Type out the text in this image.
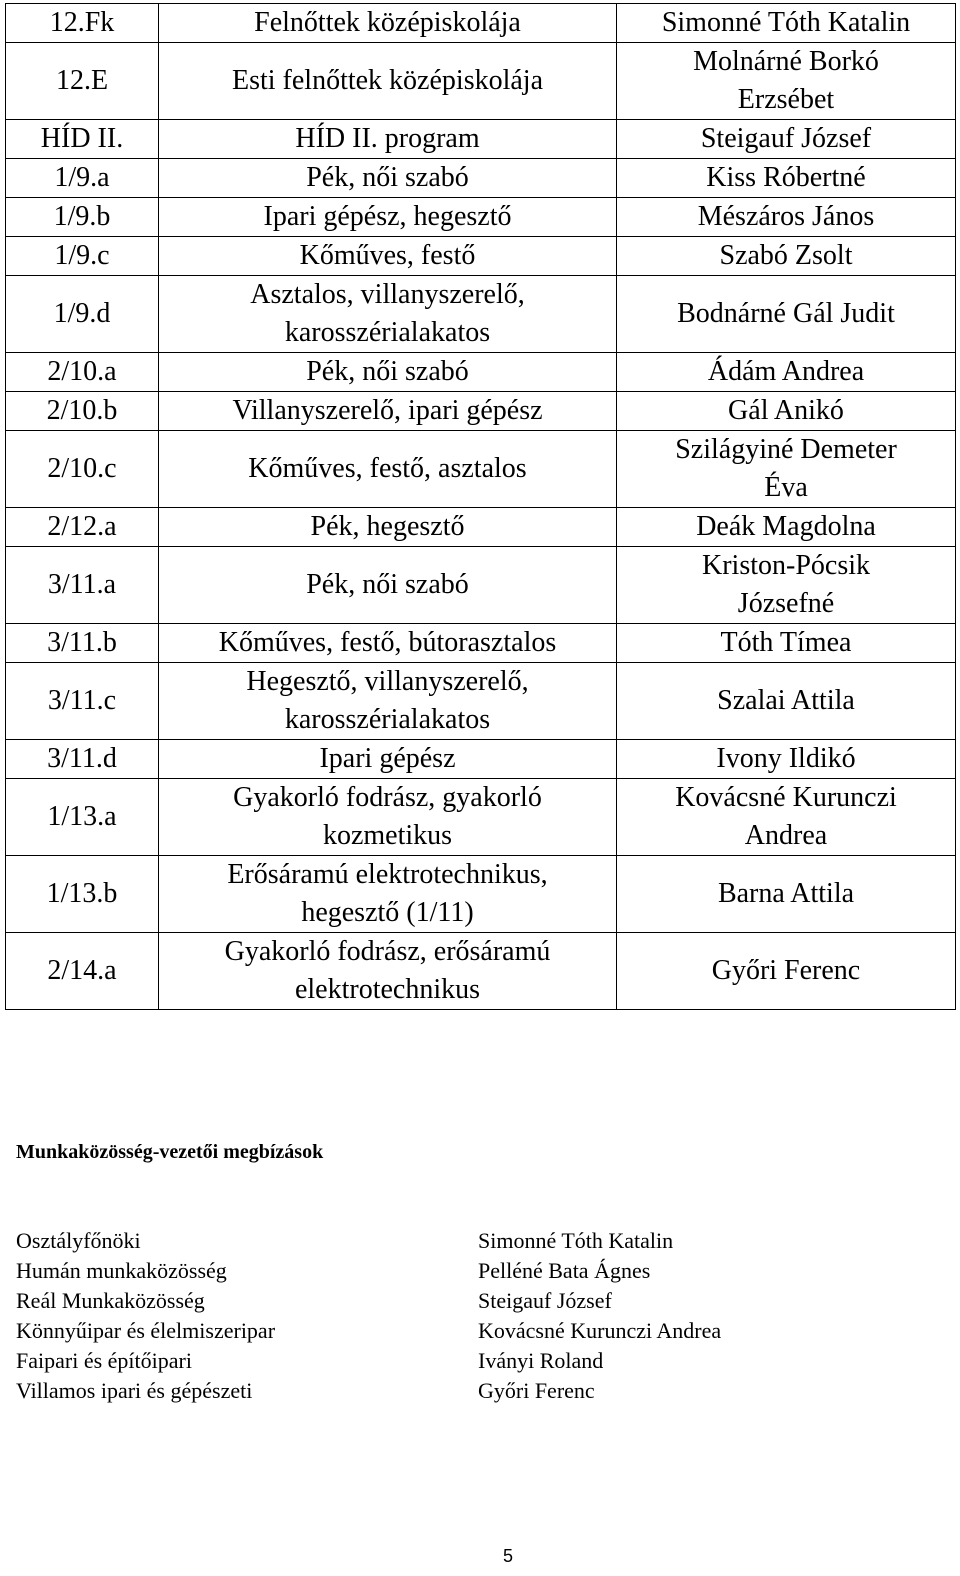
12.Fk	Felnőttek középiskolája	Simonné Tóth Katalin

12.E	Esti felnőttek középiskolája	Molnárné Borkó
Erzsébet

HÍD II.	HÍD II. program	Steigauf József

1/9.a	Pék, női szabó	Kiss Róbertné

1/9.b	Ipari gépész, hegesztő	Mészáros János

1/9.c	Kőműves, festő	Szabó Zsolt

1/9.d	Asztalos, villanyszerelő,
karosszérialakatos	Bodnárné Gál Judit

2/10.a	Pék, női szabó	Ádám Andrea

2/10.b	Villanyszerelő, ipari gépész	Gál Anikó

2/10.c	Kőműves, festő, asztalos	Szilágyiné Demeter
Éva

2/12.a	Pék, hegesztő	Deák Magdolna

3/11.a	Pék, női szabó	Kriston-Pócsik
Józsefné

3/11.b	Kőműves, festő, bútorasztalos	Tóth Tímea

3/11.c	Hegesztő, villanyszerelő,
karosszérialakatos	Szalai Attila

3/11.d	Ipari gépész	Ivony Ildikó

1/13.a	Gyakorló fodrász, gyakorló
kozmetikus	Kovácsné Kurunczi
Andrea

1/13.b	Erősáramú elektrotechnikus,
hegesztő (1/11)	Barna Attila

2/14.a	Gyakorló fodrász, erősáramú
elektrotechnikus	Győri Ferenc
Munkaközösség-vezetői megbízások
Osztályfőnöki	Simonné Tóth Katalin
Humán munkaközösség	Pelléné Bata Ágnes
Reál Munkaközösség	Steigauf József
Könnyűipar és élelmiszeripar	Kovácsné Kurunczi Andrea
Faipari és építőipari	Iványi Roland
Villamos ipari és gépészeti	Győri Ferenc
5
